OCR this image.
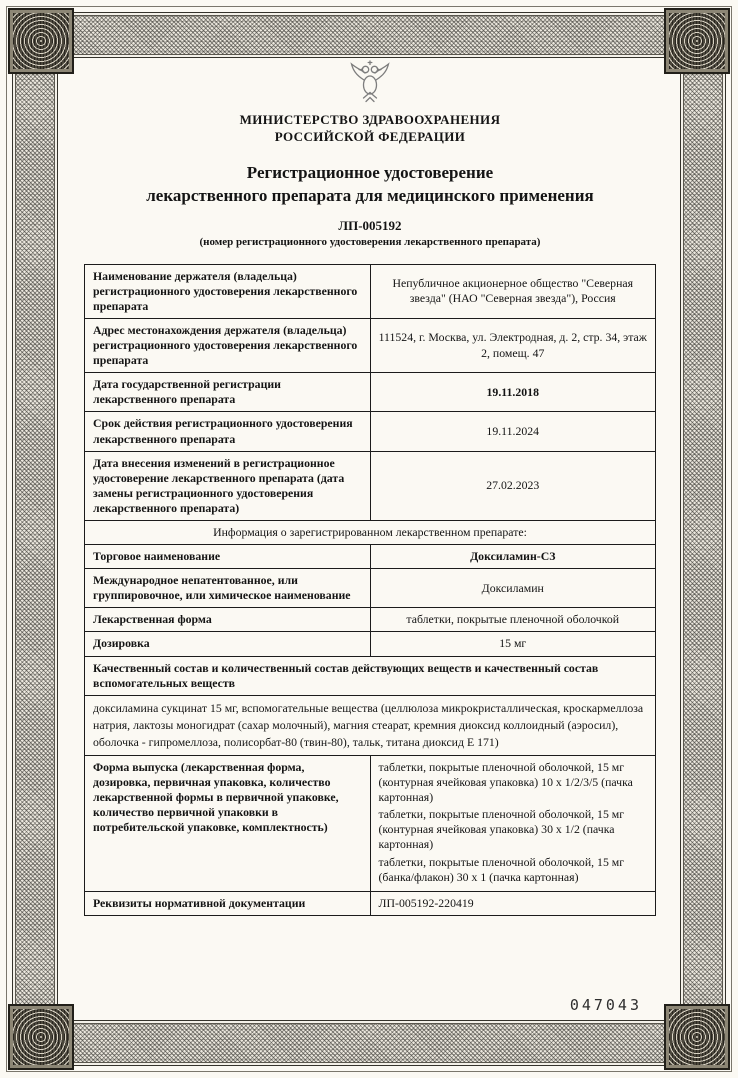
МИНИСТЕРСТВО ЗДРАВООХРАНЕНИЯ
РОССИЙСКОЙ ФЕДЕРАЦИИ
Регистрационное удостоверение
лекарственного препарата для медицинского применения
ЛП-005192
(номер регистрационного удостоверения лекарственного препарата)
Наименование держателя (владельца) регистрационного удостоверения лекарственного препарата	Непубличное акционерное общество "Северная звезда" (НАО "Северная звезда"), Россия
Адрес местонахождения держателя (владельца) регистрационного удостоверения лекарственного препарата	111524, г. Москва, ул. Электродная, д. 2, стр. 34, этаж 2, помещ. 47
Дата государственной регистрации лекарственного препарата	19.11.2018
Срок действия регистрационного удостоверения лекарственного препарата	19.11.2024
Дата внесения изменений в регистрационное удостоверение лекарственного препарата (дата замены регистрационного удостоверения лекарственного препарата)	27.02.2023
Информация о зарегистрированном лекарственном препарате:	
Торговое наименование	Доксиламин-СЗ
Международное непатентованное, или группировочное, или химическое наименование	Доксиламин
Лекарственная форма	таблетки, покрытые пленочной оболочкой
Дозировка	15 мг
Качественный состав и количественный состав действующих веществ и качественный состав вспомогательных веществ	
доксиламина сукцинат 15 мг, вспомогательные вещества (целлюлоза микрокристаллическая, кроскармеллоза натрия, лактозы моногидрат (сахар молочный), магния стеарат, кремния диоксид коллоидный (аэросил), оболочка - гипромеллоза, полисорбат-80 (твин-80), тальк, титана диоксид Е 171)	
Форма выпуска (лекарственная форма, дозировка, первичная упаковка, количество лекарственной формы в первичной упаковке, количество первичной упаковки в потребительской упаковке, комплектность)	таблетки, покрытые пленочной оболочкой, 15 мг (контурная ячейковая упаковка) 10 х 1/2/3/5 (пачка картонная)
таблетки, покрытые пленочной оболочкой, 15 мг (контурная ячейковая упаковка) 30 х 1/2 (пачка картонная)
таблетки, покрытые пленочной оболочкой, 15 мг (банка/флакон) 30 х 1 (пачка картонная)

Реквизиты нормативной документации	ЛП-005192-220419
047043
